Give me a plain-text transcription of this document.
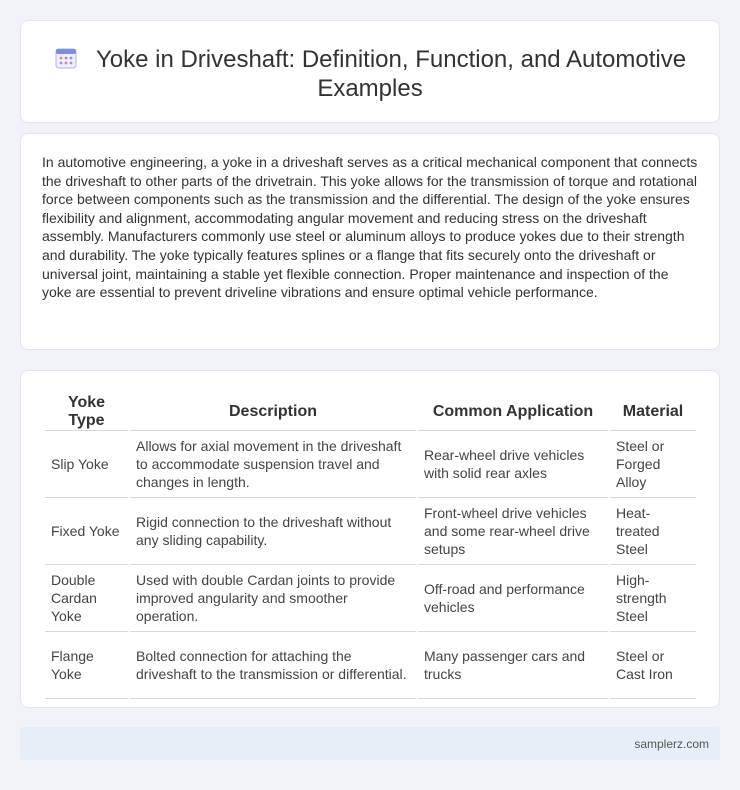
Yoke in Driveshaft: Definition, Function, and Automotive Examples

In automotive engineering, a yoke in a driveshaft serves as a critical mechanical component that connects the driveshaft to other parts of the drivetrain. This yoke allows for the transmission of torque and rotational force between components such as the transmission and the differential. The design of the yoke ensures flexibility and alignment, accommodating angular movement and reducing stress on the driveshaft assembly. Manufacturers commonly use steel or aluminum alloys to produce yokes due to their strength and durability. The yoke typically features splines or a flange that fits securely onto the driveshaft or universal joint, maintaining a stable yet flexible connection. Proper maintenance and inspection of the yoke are essential to prevent driveline vibrations and ensure optimal vehicle performance.

Yoke Type	Description	Common Application	Material
Slip Yoke	Allows for axial movement in the driveshaft to accommodate suspension travel and changes in length.	Rear-wheel drive vehicles with solid rear axles	Steel or Forged Alloy
Fixed Yoke	Rigid connection to the driveshaft without any sliding capability.	Front-wheel drive vehicles and some rear-wheel drive setups	Heat-treated Steel
Double Cardan Yoke	Used with double Cardan joints to provide improved angularity and smoother operation.	Off-road and performance vehicles	High-strength Steel
Flange Yoke	Bolted connection for attaching the driveshaft to the transmission or differential.	Many passenger cars and trucks	Steel or Cast Iron
samplerz.com
